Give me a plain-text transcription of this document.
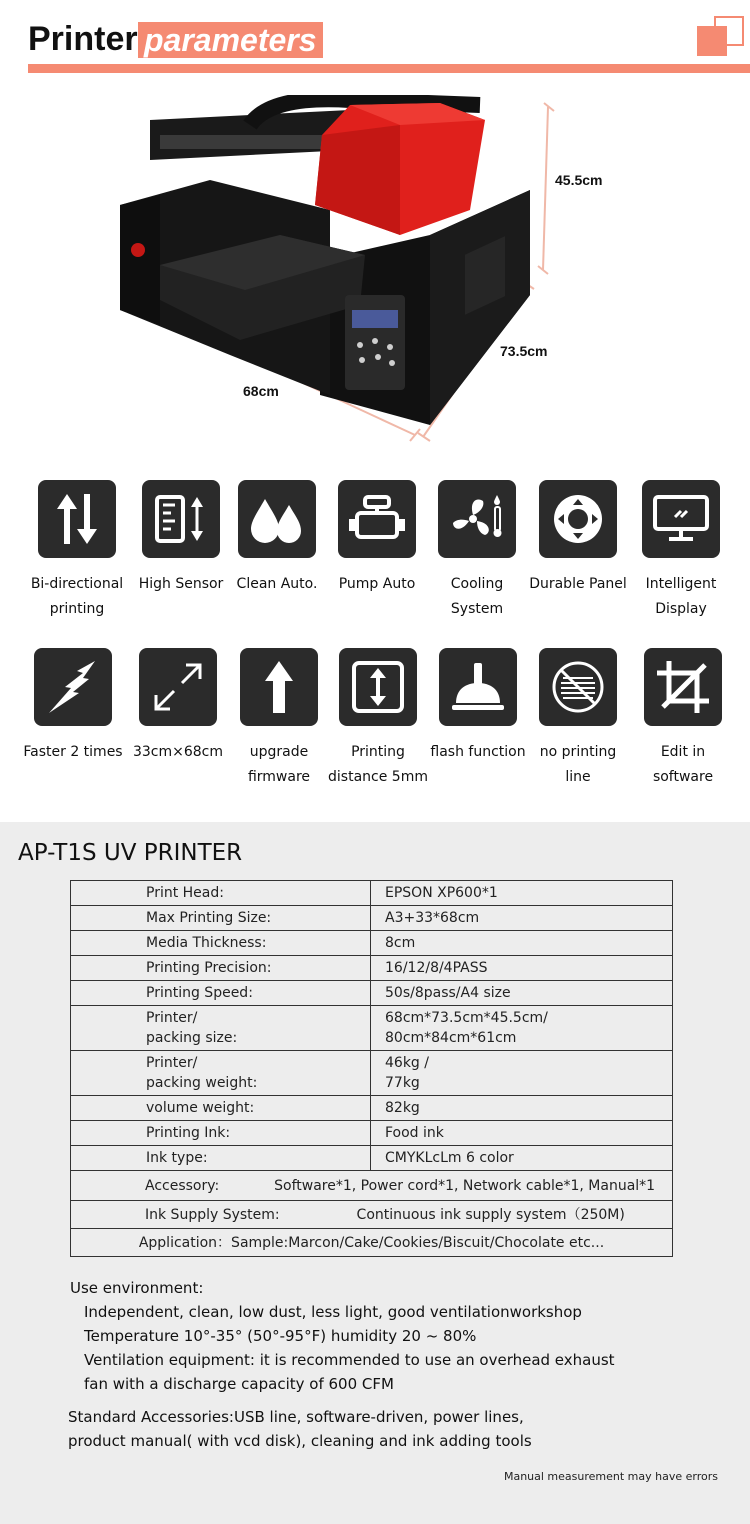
Printer parameters
45.5cm
73.5cm
68cm
Bi-directional printing
High Sensor Clean Auto.	Pump Auto	Cooling System
Durable Panel	Intelligent Display
Faster 2 times 33cm×68cm	upgrade firmware
Printing distance 5mm
flash function	no printing line
Edit in software
AP-T1S UV PRINTER
Print Head:	EPSON XP600*1
Max Printing Size:	A3+33*68cm
Media Thickness:	8cm
Printing Precision:	16/12/8/4PASS
Printing Speed:	50s/8pass/A4 size
Printer/
packing size:	68cm*73.5cm*45.5cm/
80cm*84cm*61cm
Printer/
packing weight:	46kg /
77kg
volume weight:	82kg
Printing Ink:	Food ink
Ink type:	CMYKLcLm 6 color
Accessory: Software*1, Power cord*1, Network cable*1, Manual*1	
Ink Supply System: Continuous ink supply system（250M)	
Application：Sample:Marcon/Cake/Cookies/Biscuit/Chocolate etc...	
Use environment:
Independent, clean, low dust, less light, good ventilationworkshop
Temperature 10°-35° (50°-95°F) humidity 20 ~ 80%
Ventilation equipment: it is recommended to use an overhead exhaust
fan with a discharge capacity of 600 CFM
Standard Accessories:USB line, software-driven, power lines,
product manual( with vcd disk), cleaning and ink adding tools
Manual measurement may have errors
